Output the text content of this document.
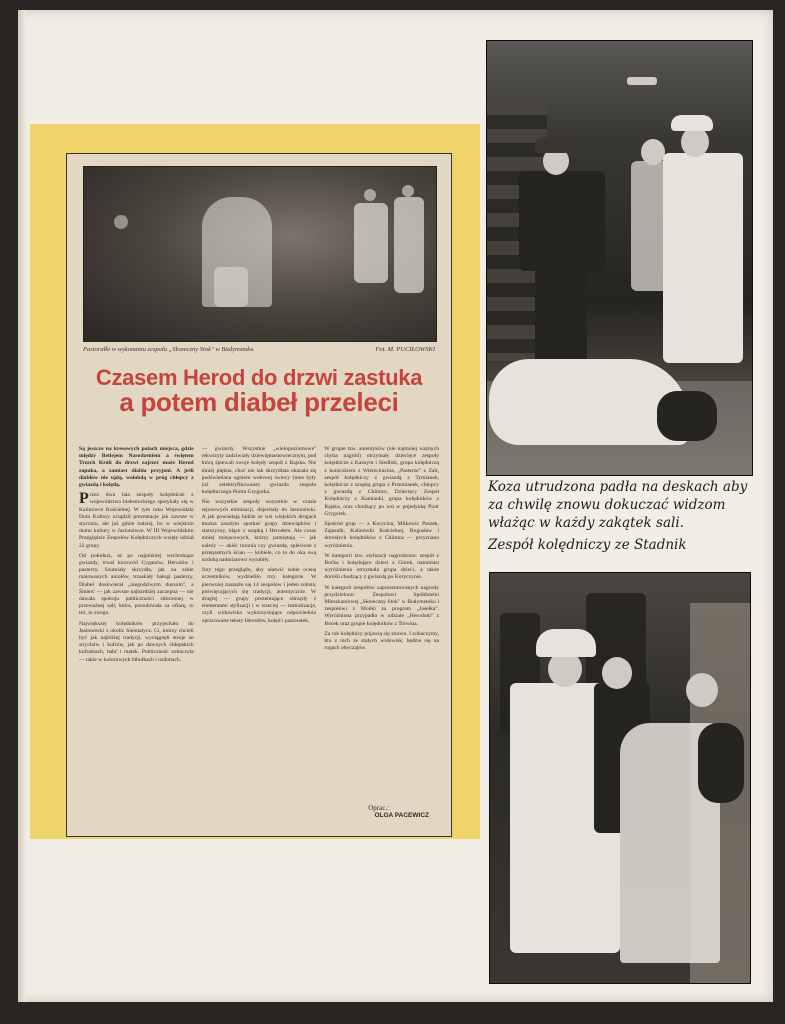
Pastorałki w wykonaniu zespołu „Słoneczny Stok" w Białymstoku	Fot. M. PUCIŁOWSKI
Czasem Herod do drzwi zastuka
a potem diabeł przeleci

Są jeszcze na kresowych polach miejsca, gdzie między Betlejem Narodzeniem a świętem Trzech Króli do drzwi zajrzeć może Herod zapuka, a zamiast diabła przyjoni. A jeśli diabłów nie ujdą, wołobdą w próg chłopcy z gwiazdą i kolędą.

Przez dwa lata zespoły kolędnicze z województwa białostockiego spotykały się w Kalinówce Kościelnej. W tym roku Wojewódzki Dom Kultury urządził prezentacje jak zawsze w styczniu, ale już gdzie indziej, bo w wiejskim domu kultury w Jasionówce. W III Wojewódzkim Przeglądzie Zespołów Kolędniczych wzięły udział 22 grupy.

Od południa, aż po najpóźniej wschodzące gwiazdy, trwał korowód Cyganów, Herodów i pasterzy. Szumiały skrzydła, jak na szkle malowanych aniołów, trzaskały bałogi pasterzy. Diabeł doskwierał „niegodziwym duszom", a Śmierć — jak zawsze najbardziej zaczepna — nie dawała spokoju publiczności stłoczonej w przeważnej sali, która, postukiwała za ofiarę, to też, to swego.

Największej kolędników przyjechało do Jasionówki z okolic Siemiatycz. Ci, którzy chcieli być jak najbliżej tradycji, wyciągnęli stroje ze strychów i kufrów, jak po dawnych chłopskich kuframach, babć i matek. Publiczność zobaczyła — takie w kolorowych bibułkach i ozdobach.

— gwiazdy. Wszystkie „wielopoziomowe" rekwizyty zadziwiały dziewiętnastowiecznym, pod którą śpiewali swoje kolędy zespół z Rajska. Nie mniej piękna, choć nie tak skrzydlata okazała się podświetlana ogniem wołowej świecy (inne były już zelektryfikowane) gwiazda zespołu kolędniczego Piotra Grygorka.

Nie wszystkie zespoły wszystkie w czasie rejonowych eliminacji, dojechały do Jasionówki. A jak powiadają ludzie ze wsi wiejskich drogach można zaszłym spotkać grupy dziewiątków i starszyzny, idące z szopką i Herodem. Ale coraz mniej miejscowych, którzy pamiętają — jak należy — akiść turonia czy gwiazdę, splecione z przepastnych ścian — kobiele, co to do oka swą ozdobą nadmiarowo wyrobiły.

Jury tego przeglądu, aby ułatwić sobie ocenę uczestników, wydzieliło trzy kategorie. W pierwszej znalazło się 14 zespołów i jeden solista, poświęcających się tradycji, autentycznie. W drugiej — grupy prezentujące obrzędy z elementami stylizacji i w trzeciej — teatralizacje, czyli widowiska wykorzystujące odpowiednio opracowane teksty Herodów, kolęd i pastorałek.

W grupie tzw. autentyków (nie najmniej ważnych chyba nagród) otrzymały dziecięce zespoły kolędnicze z Kasnym i Siedlisk, grupa kolędniczą z koniczkiem z Wierzchucina, „Pasterze" z Zalr, zespół kolędniczy z gwiazdą z Tymianek, kolędnicze z szopką grupa z Przemianek, chłopcy z gwiazdą z Chlimce, Dziecięcy Zespół Kolędniczy z Kamianki, grupa kolędników z Rajska, oraz chodzący po wsi w pojedynkę Piotr Grygorek.

Spośród grup — z Korycina, Milkowic Paszek, Zajasnik, Kalinówki Kościelnej, Bogusław i dorosłych kolędników z Chlimca — przyznano wyróżnienia.

W kategorii tzw. stylizacji nagrodzono: zespół z Boćka i kolędujące dzieci z Górek, natomiast wyróżnienia otrzymała grupa dzieci, a także dorośli chodzący z gwiazdą po Koryczynie.

W kategorii zespołów zaprezentowanych nagrody przydzielono: Zespołowi Spółdzielni Mieszkaniowej „Słoneczny Stok" w Białymstoku i zespołowi z Mońki za program „Jasełka". Wyróżniona przypadła w udziale „Herodom" z Boćek oraz grupie kolędników z Tolwina.

Za rok kolędnicy pojawią się znowu. I zobaczymy, kto z nich ze stałych widowisk, będzie się na rogach obyczajów.

Oprac.:
OLGA PACEWICZ

Koza utrudzona padła na deskach aby za chwilę znowu dokuczać widzom włażąc w każdy zakątek sali.

Zespół kolędniczy ze Stadnik
